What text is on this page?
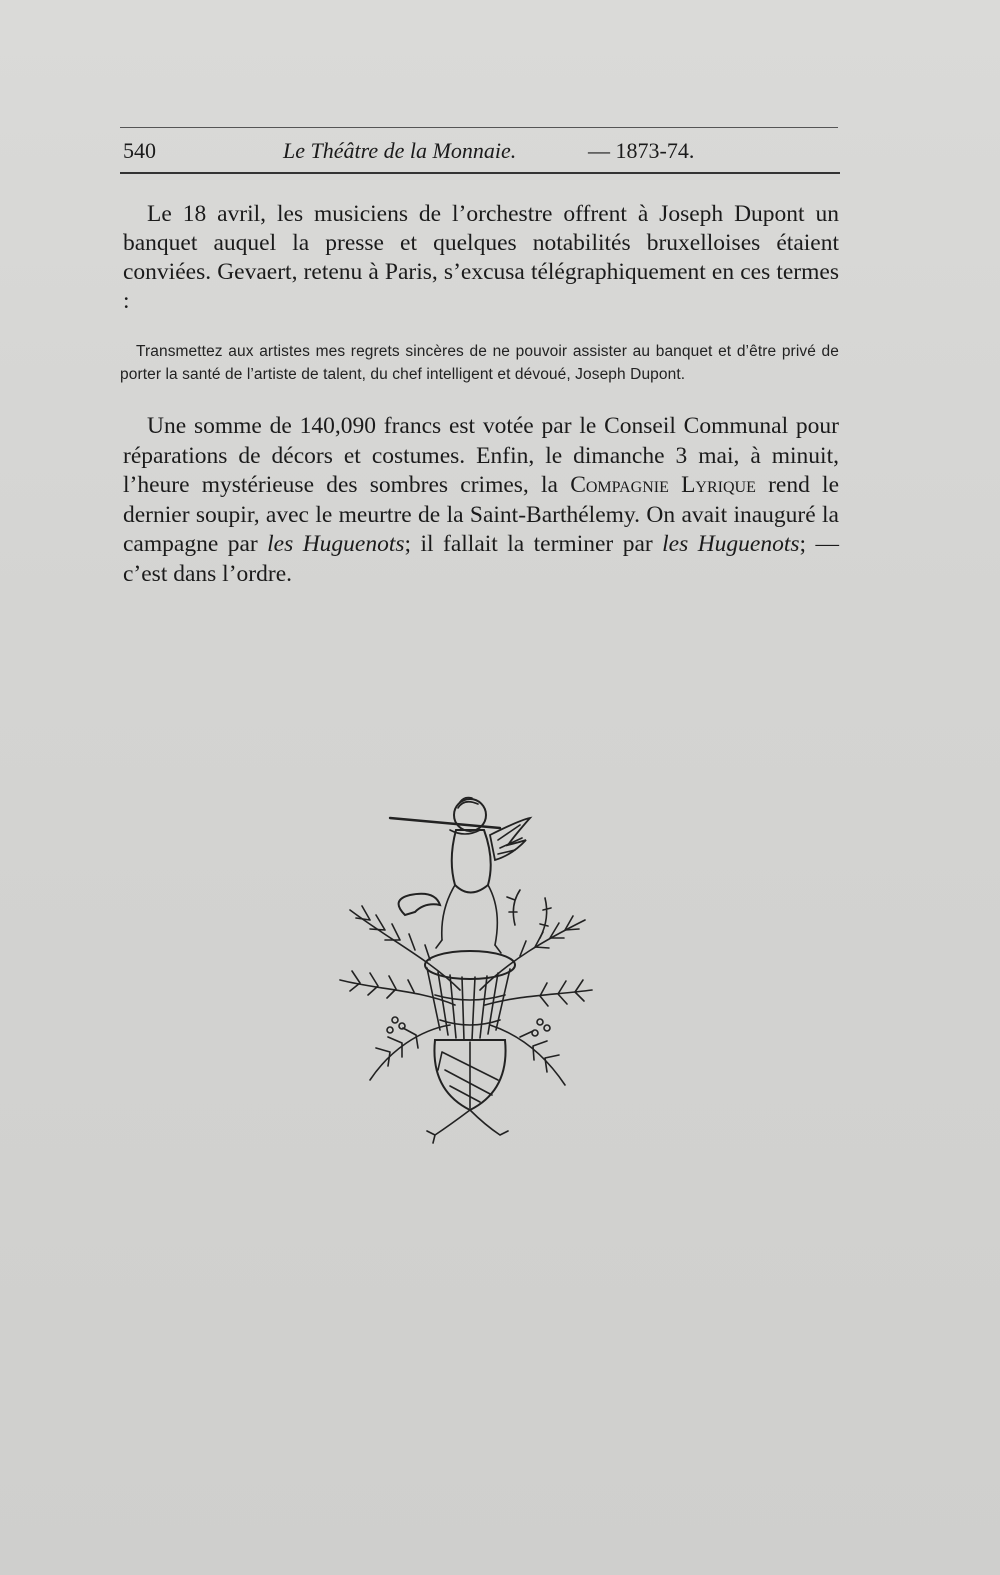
540	Le Théâtre de la Monnaie.	— 1873-74.

Le 18 avril, les musiciens de l’orchestre offrent à Joseph Dupont un banquet auquel la presse et quelques notabilités bruxelloises étaient conviées. Gevaert, retenu à Paris, s’excusa télégraphiquement en ces termes :

Transmettez aux artistes mes regrets sincères de ne pouvoir assister au banquet et d’être privé de porter la santé de l’artiste de talent, du chef intelligent et dévoué, Joseph Dupont.

Une somme de 140,090 francs est votée par le Conseil Communal pour réparations de décors et costumes. Enfin, le dimanche 3 mai, à minuit, l’heure mystérieuse des sombres crimes, la Compagnie Lyrique rend le dernier soupir, avec le meurtre de la Saint-Barthélemy. On avait inauguré la campagne par les Huguenots; il fallait la terminer par les Huguenots; — c’est dans l’ordre.
